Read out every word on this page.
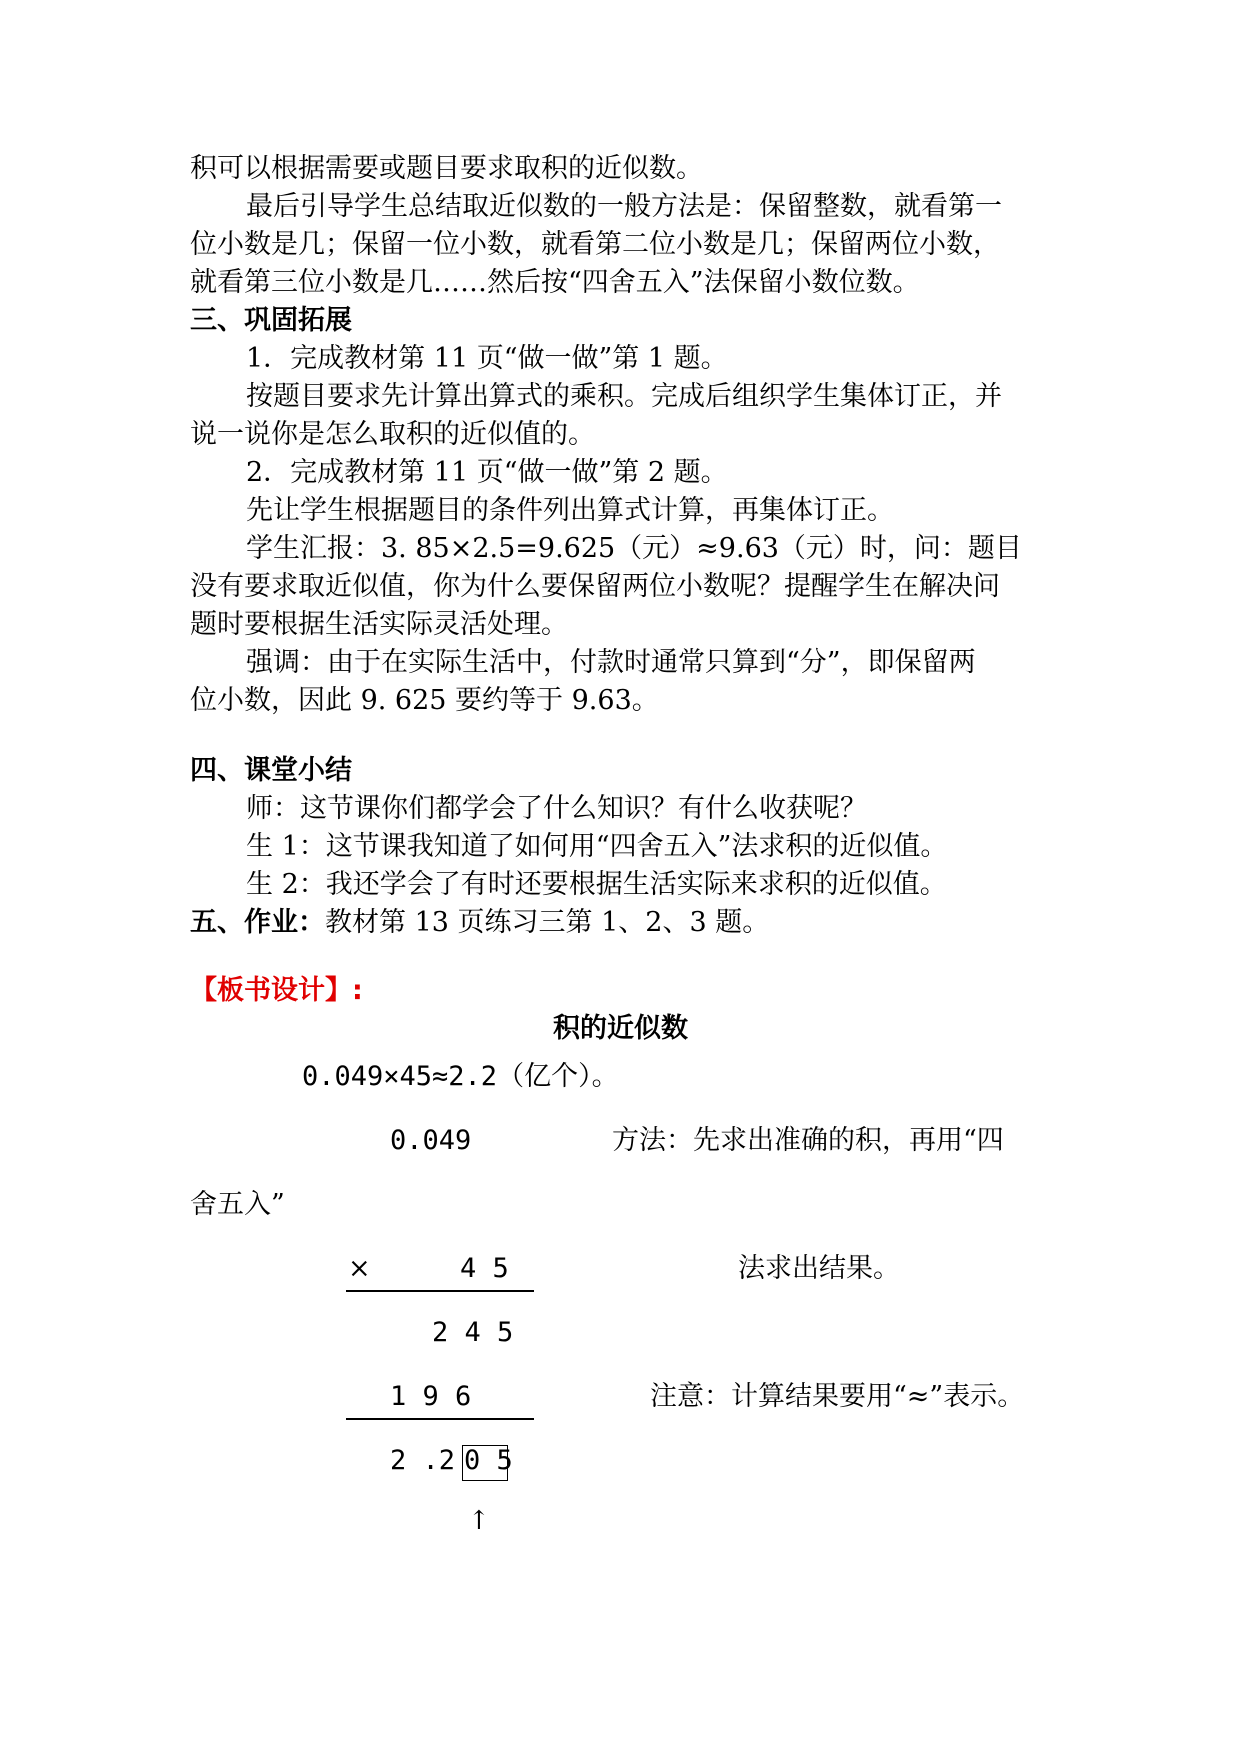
积可以根据需要或题目要求取积的近似数。
最后引导学生总结取近似数的一般方法是：保留整数，就看第一
位小数是几；保留一位小数，就看第二位小数是几；保留两位小数，
就看第三位小数是几……然后按“四舍五入”法保留小数位数。
三、巩固拓展
1．完成教材第 11 页“做一做”第 1 题。
按题目要求先计算出算式的乘积。完成后组织学生集体订正，并
说一说你是怎么取积的近似值的。
2．完成教材第 11 页“做一做”第 2 题。
先让学生根据题目的条件列出算式计算，再集体订正。
学生汇报：3. 85×2.5=9.625（元）≈9.63（元）时，问：题目
没有要求取近似值，你为什么要保留两位小数呢？提醒学生在解决问
题时要根据生活实际灵活处理。
强调：由于在实际生活中，付款时通常只算到“分”，即保留两
位小数，因此 9. 625 要约等于 9.63。
四、课堂小结
师：这节课你们都学会了什么知识？有什么收获呢？
生 1：这节课我知道了如何用“四舍五入”法求积的近似值。
生 2：我还学会了有时还要根据生活实际来求积的近似值。
五、作业：教材第 13 页练习三第 1、2、3 题。
【板书设计】:
积的近似数
0.049×45≈2.2（亿个）。
0.049	方法：先求出准确的积，再用“四
舍五入”
×	4 5	法求出结果。
2 4 5
1 9 6	注意：计算结果要用“≈”表示。
2 .2 0 5
↑
